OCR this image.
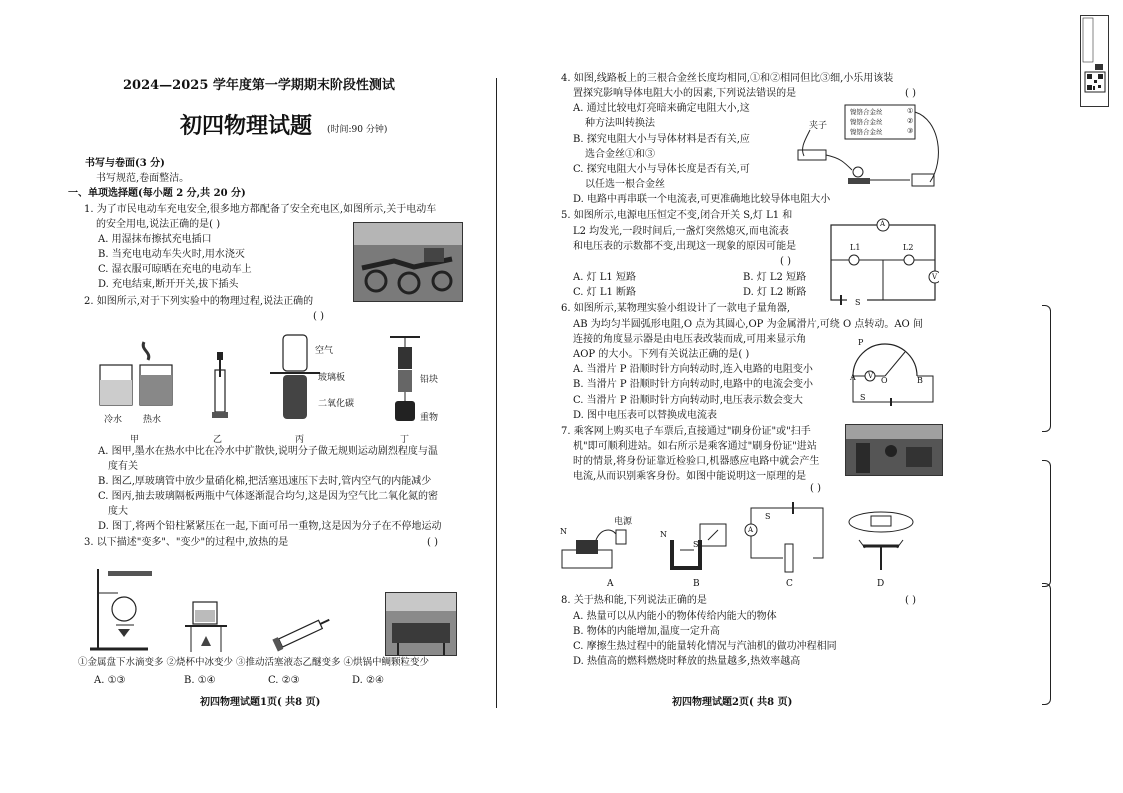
2024—2025 学年度第一学期期末阶段性测试
初四物理试题 (时间:90 分钟)
书写与卷面(3 分)
书写规范,卷面整洁。
一、单项选择题(每小题 2 分,共 20 分)
1. 为了市民电动车充电安全,很多地方都配备了安全充电区,如图所示,关于电动车
的安全用电,说法正确的是( )
A. 用湿抹布擦拭充电插口
B. 当充电电动车失火时,用水浇灭
C. 湿衣服可晾晒在充电的电动车上
D. 充电结束,断开开关,拔下插头
2. 如图所示,对于下列实验中的物理过程,说法正确的
( )
冷水 热水
空气
玻璃板
二氧化碳
铅块
重物
甲	乙	丙	丁
A. 图甲,墨水在热水中比在冷水中扩散快,说明分子做无规则运动剧烈程度与温
度有关
B. 图乙,厚玻璃管中放少量硝化棉,把活塞迅速压下去时,管内空气的内能减少
C. 图丙,抽去玻璃隔板两瓶中气体逐渐混合均匀,这是因为空气比二氧化氮的密
度大
D. 图丁,将两个铅柱紧紧压在一起,下面可吊一重物,这是因为分子在不停地运动
3. 以下描述"变多"、"变少"的过程中,放热的是	( )
①金属盘下水滴变多 ②烧杯中冰变少 ③推动活塞液态乙醚变多 ④烘锅中鲷颗粒变少
A. ①③	B. ①④	C. ②③	D. ②④
初四物理试题1页( 共8 页)
4. 如图,线路板上的三根合金丝长度均相同,①和②相同但比③细,小乐用该装
置探究影响导体电阻大小的因素,下列说法错误的是	( )
A. 通过比较电灯亮暗来确定电阻大小,这
种方法叫转换法
B. 探究电阻大小与导体材料是否有关,应
选合金丝①和③
C. 探究电阻大小与导体长度是否有关,可
以任选一根合金丝
D. 电路中再串联一个电流表,可更准确地比较导体电阻大小
夹子
镍铬合金丝
镍铬合金丝
镍铬合金丝
①
②
③
5. 如图所示,电源电压恒定不变,闭合开关 S,灯 L1 和
L2 均发光,一段时间后,一盏灯突然熄灭,而电流表
和电压表的示数都不变,出现这一现象的原因可能是
( )
A. 灯 L1 短路	B. 灯 L2 短路
C. 灯 L1 断路	D. 灯 L2 断路
A
V
L1	L2
S
6. 如图所示,某物理实验小组设计了一款电子量角器,
AB 为均匀半圆弧形电阻,O 点为其圆心,OP 为金属滑片,可绕 O 点转动。AO 间
连接的角度显示器是由电压表改装而成,可用来显示角
AOP 的大小。下列有关说法正确的是( )
A. 当滑片 P 沿顺时针方向转动时,连入电路的电阻变小
B. 当滑片 P 沿顺时针方向转动时,电路中的电流会变小
C. 当滑片 P 沿顺时针方向转动时,电压表示数会变大
D. 图中电压表可以替换成电流表
P
A	O	B
V
S
7. 乘客网上购买电子车票后,直接通过"刷身份证"或"扫手
机"即可顺利进站。如右所示是乘客通过"刷身份证"进站
时的情景,将身份证靠近检验口,机器感应电路中就会产生
电流,从而识别乘客身份。如图中能说明这一原理的是
( )
电源
N	N
S
A
S
A	B	C	D
8. 关于热和能,下列说法正确的是	( )
A. 热量可以从内能小的物体传给内能大的物体
B. 物体的内能增加,温度一定升高
C. 摩擦生热过程中的能量转化情况与汽油机的做功冲程相同
D. 热值高的燃料燃烧时释放的热量越多,热效率越高
初四物理试题2页( 共8 页)
